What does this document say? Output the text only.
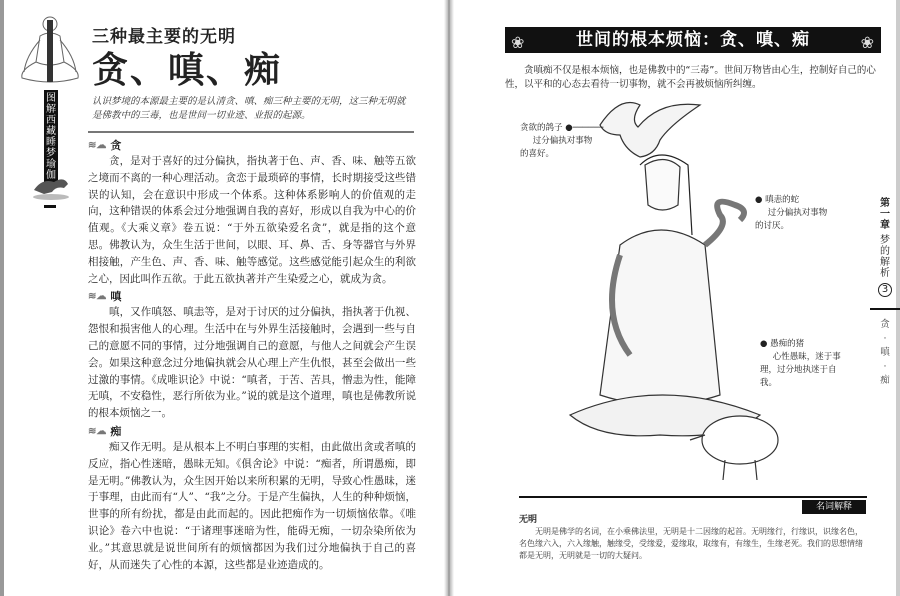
图解西藏睡梦瑜伽
三种最主要的无明
贪、嗔、痴
认识梦境的本源最主要的是认清贪、嗔、痴三种主要的无明，这三种无明就是佛教中的三毒，也是世间一切业迹、业报的起源。
≋☁ 贪

贪，是对于喜好的过分偏执，指执著于色、声、香、味、触等五欲之境而不离的一种心理活动。贪恋于最琐碎的事情，长时期接受这些错误的认知，会在意识中形成一个体系。这种体系影响人的价值观的走向，这种错误的体系会过分地强调自我的喜好，形成以自我为中心的价值观。《大乘义章》卷五说：“于外五欲染爱名贪”，就是指的这个意思。佛教认为，众生生活于世间，以眼、耳、鼻、舌、身等器官与外界相接触，产生色、声、香、味、触等感觉。这些感觉能引起众生的利欲之心，因此叫作五欲。于此五欲执著并产生染爱之心，就成为贪。

≋☁ 嗔

嗔，又作嗔怒、嗔恚等，是对于讨厌的过分偏执，指执著于仇视、怨恨和损害他人的心理。生活中在与外界生活接触时，会遇到一些与自己的意愿不同的事情，过分地强调自己的意愿，与他人之间就会产生误会。如果这种意念过分地偏执就会从心理上产生仇恨，甚至会做出一些过激的事情。《成唯识论》中说：“嗔者，于苦、苦具，憎恚为性，能障无嗔，不安稳性，恶行所依为业。”说的就是这个道理，嗔也是佛教所说的根本烦恼之一。

≋☁ 痴

痴又作无明。是从根本上不明白事理的实相，由此做出贪或者嗔的反应，指心性迷暗，愚昧无知。《俱舍论》中说：“痴者，所谓愚痴，即是无明。”佛教认为，众生因开始以来所积累的无明，导致心性愚昧，迷于事理，由此而有“人”、“我”之分。于是产生偏执，人生的种种烦恼，世事的所有纷扰，都是由此而起的。因此把痴作为一切烦恼依靠。《唯识论》卷六中也说：“于诸理事迷暗为性，能碍无痴，一切杂染所依为业。”其意思就是说世间所有的烦恼都因为我们过分地偏执于自己的喜好，从而迷失了心性的本源，这些都是业迹造成的。

❀	世间的根本烦恼：贪、嗔、痴	❀
贪嗔痴不仅是根本烦恼，也是佛教中的“三毒”。世间万物皆由心生，控制好自己的心性，以平和的心态去看待一切事物，就不会再被烦恼所纠缠。
贪欲的鸽子 ●──────
过分偏执对事物的喜好。
● 嗔恚的蛇
过分偏执对事物的讨厌。
● 愚痴的猪
心性愚昧，迷于事理，过分地执迷于自我。
名词解释
无明
无明是佛学的名词，在小乘佛法里，无明是十二因缘的起首。无明缘行，行缘识，识缘名色，名色缘六入，六入缘触，触缘受，受缘爱，爱缘取，取缘有，有缘生，生缘老死。我们的思想情绪都是无明，无明就是一切的大疑问。
第一章
梦的解析
3
贪·嗔·痴
